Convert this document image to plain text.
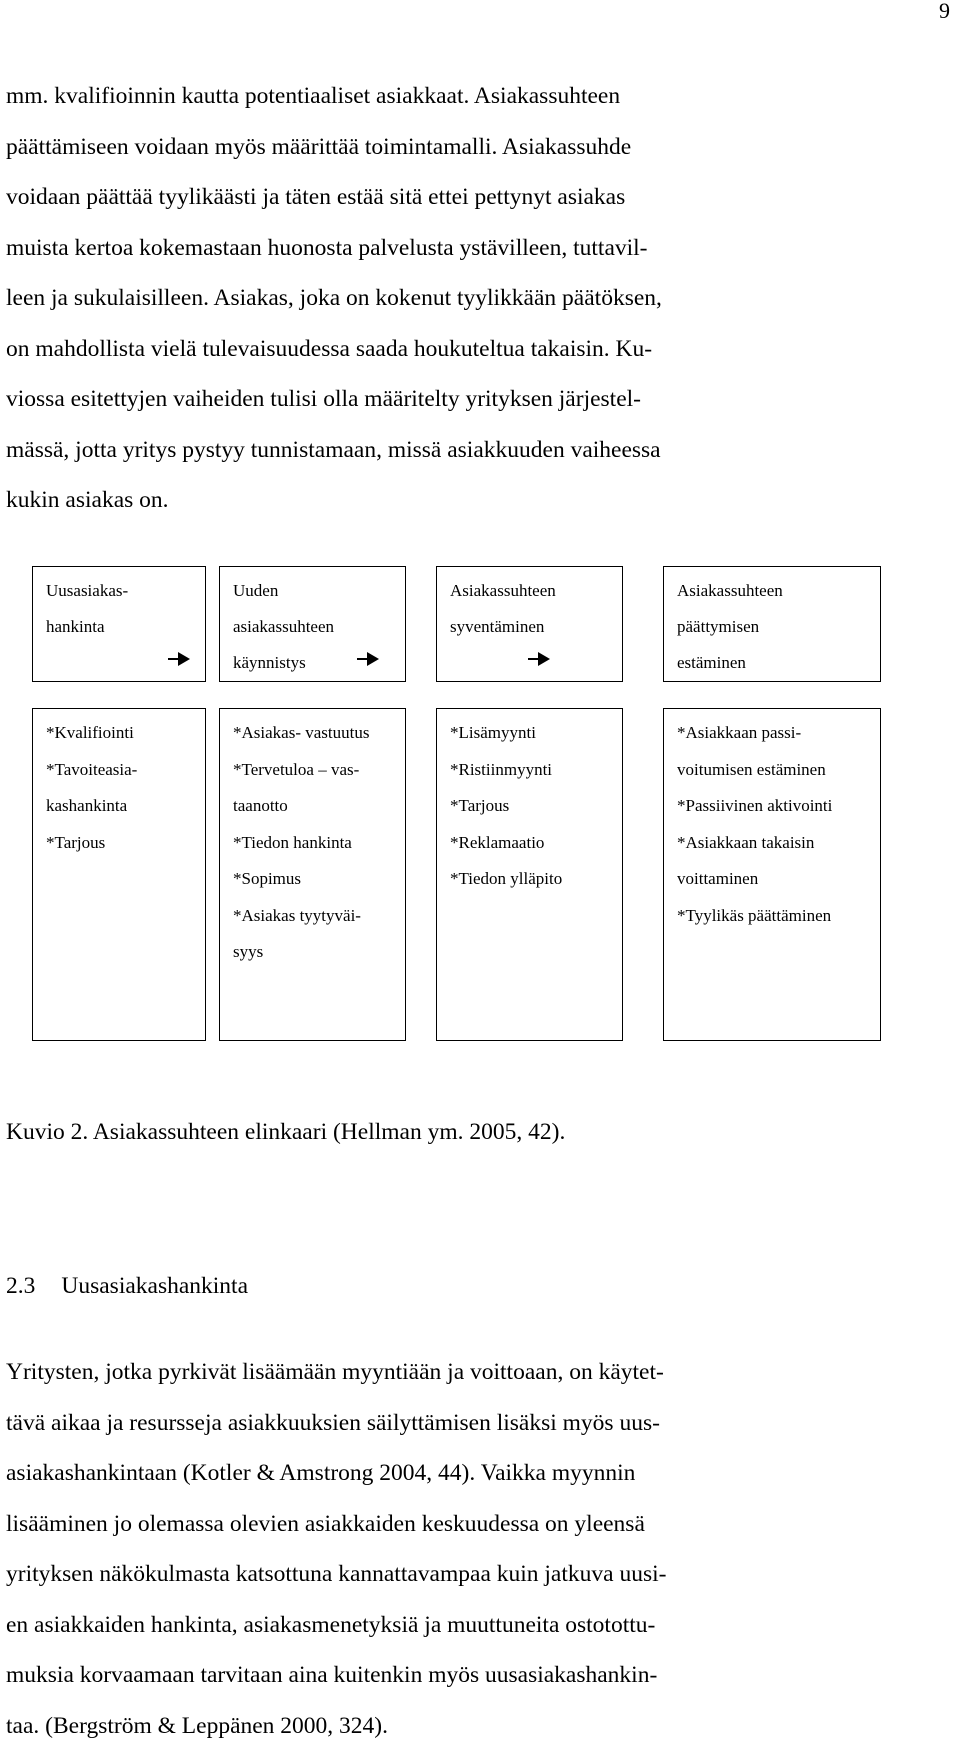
9
mm. kvalifioinnin kautta potentiaaliset asiakkaat. Asiakassuhteen
päättämiseen voidaan myös määrittää toimintamalli. Asiakassuhde
voidaan päättää tyylikäästi ja täten estää sitä ettei pettynyt asiakas
muista kertoa kokemastaan huonosta palvelusta ystävilleen, tuttavil-
leen ja sukulaisilleen. Asiakas, joka on kokenut tyylikkään päätöksen,
on mahdollista vielä tulevaisuudessa saada houkuteltua takaisin. Ku-
viossa esitettyjen vaiheiden tulisi olla määritelty yrityksen järjestel-
mässä, jotta yritys pystyy tunnistamaan, missä asiakkuuden vaiheessa
kukin asiakas on.
Uusasiakas-
hankinta
Uuden
asiakassuhteen
käynnistys
Asiakassuhteen
syventäminen
Asiakassuhteen
päättymisen
estäminen
*Kvalifiointi
*Tavoiteasia-
kashankinta
*Tarjous
*Asiakas- vastuutus
*Tervetuloa – vas-
taanotto
*Tiedon hankinta
*Sopimus
*Asiakas tyytyväi-
syys
*Lisämyynti
*Ristiinmyynti
*Tarjous
*Reklamaatio
*Tiedon ylläpito
*Asiakkaan passi-
voitumisen estäminen
*Passiivinen aktivointi
*Asiakkaan takaisin
voittaminen
*Tyylikäs päättäminen
Kuvio 2. Asiakassuhteen elinkaari (Hellman ym. 2005, 42).
2.3 Uusasiakashankinta
Yritysten, jotka pyrkivät lisäämään myyntiään ja voittoaan, on käytet-
tävä aikaa ja resursseja asiakkuuksien säilyttämisen lisäksi myös uus-
asiakashankintaan (Kotler & Amstrong 2004, 44). Vaikka myynnin
lisääminen jo olemassa olevien asiakkaiden keskuudessa on yleensä
yrityksen näkökulmasta katsottuna kannattavampaa kuin jatkuva uusi-
en asiakkaiden hankinta, asiakasmenetyksiä ja muuttuneita ostotottu-
muksia korvaamaan tarvitaan aina kuitenkin myös uusasiakashankin-
taa. (Bergström & Leppänen 2000, 324).
